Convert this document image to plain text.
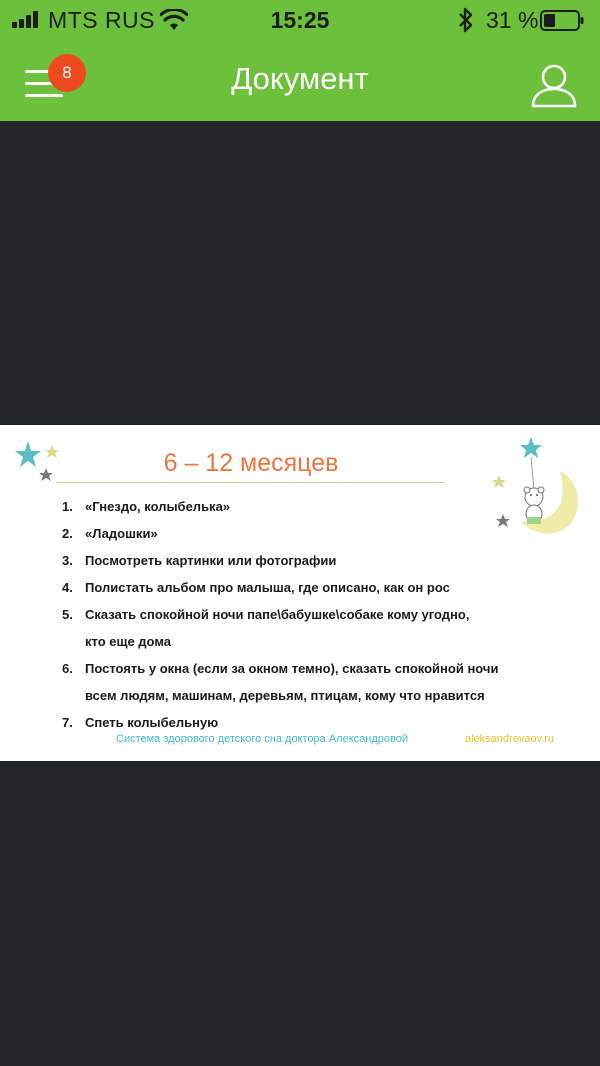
MTS RUS	15:25	31 %
8	Документ
6 – 12 месяцев
1. «Гнездо, колыбелька»
2. «Ладошки»
3. Посмотреть картинки или фотографии
4. Полистать альбом про малыша, где описано, как он рос
5. Сказать спокойной ночи папе\бабушке\собаке кому угодно,
кто еще дома
6. Постоять у окна (если за окном темно), сказать спокойной ночи
всем людям, машинам, деревьям, птицам, кому что нравится
7. Спеть колыбельную
Система здорового детского сна доктора Александровой	aleksandrovaov.ru
